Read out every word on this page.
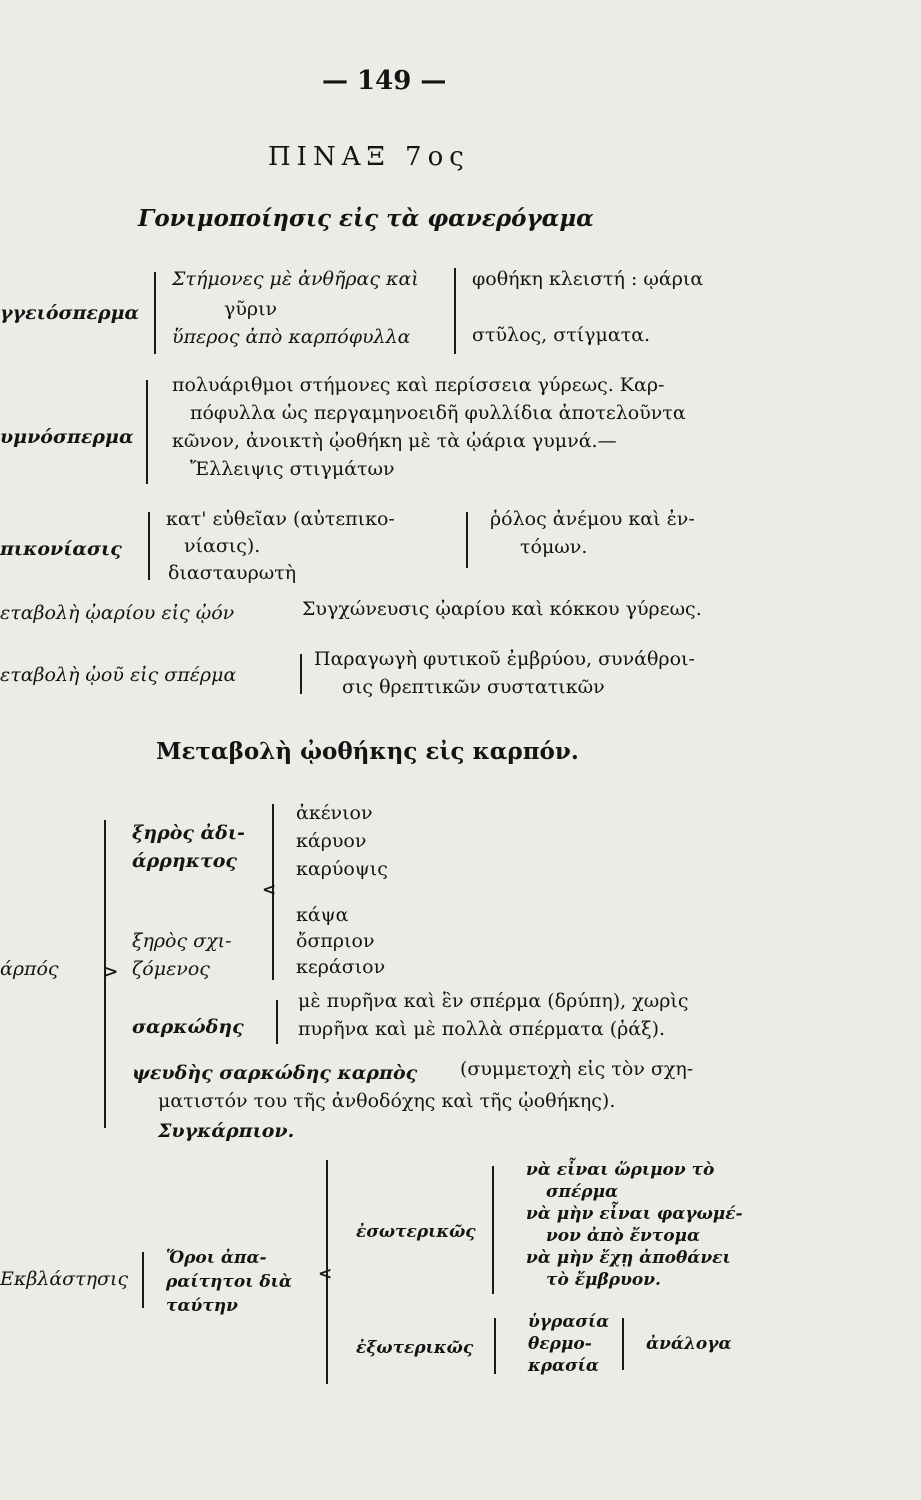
— 149 —
ΠΙΝΑΞ 7ος
Γονιμοποίησις εἰς τὰ φανερόγαμα
γγειόσπερμα
Στήμονες μὲ ἀνθῆρας καὶ
γῦριν
ὕπερος ἀπὸ καρπόφυλλα
φοθήκη κλειστή : ῳάρια
στῦλος, στίγματα.
υμνόσπερμα
πολυάριθμοι στήμονες καὶ περίσσεια γύρεως. Καρ-
πόφυλλα ὡς περγαμηνοειδῆ φυλλίδια ἀποτελοῦντα
κῶνον, ἀνοικτὴ ᾠοθήκη μὲ τὰ ᾠάρια γυμνά.—
Ἔλλειψις στιγμάτων
πικονίασις
κατ' εὐθεῖαν (αὐτεπικο-
νίασις).
διασταυρωτὴ
ῥόλος ἀνέμου καὶ ἐν-
τόμων.
εταβολὴ ᾠαρίου εἰς ᾠόν	Συγχώνευσις ᾠαρίου καὶ κόκκου γύρεως.
εταβολὴ ᾠοῦ εἰς σπέρμα
Παραγωγὴ φυτικοῦ ἐμβρύου, συνάθροι-
σις θρεπτικῶν συστατικῶν
Μεταβολὴ ᾠοθήκης εἰς καρπόν.
άρπός	>
ξηρὸς ἀδι-
άρρηκτος
<
ἀκένιον
κάρυον
καρύοψις
ξηρὸς σχι-
ζόμενος
κάψα
ὄσπριον
κεράσιον
σαρκώδης
μὲ πυρῆνα καὶ ἓν σπέρμα (δρύπη), χωρὶς
πυρῆνα καὶ μὲ πολλὰ σπέρματα (ῥάξ).
ψευδὴς σαρκώδης καρπὸς (συμμετοχὴ εἰς τὸν σχη-
ματιστόν του τῆς ἀνθοδόχης καὶ τῆς ᾠοθήκης).
Συγκάρπιον.
Εκβλάστησις
Ὅροι ἀπα-
ραίτητοι διὰ
ταύτην
<
ἐσωτερικῶς
νὰ εἶναι ὥριμον τὸ
σπέρμα
νὰ μὴν εἶναι φαγωμέ-
νον ἀπὸ ἔντομα
νὰ μὴν ἔχῃ ἀποθάνει
τὸ ἔμβρυον.
ἐξωτερικῶς
ὑγρασία
θερμο-
κρασία
ἀνάλογα
